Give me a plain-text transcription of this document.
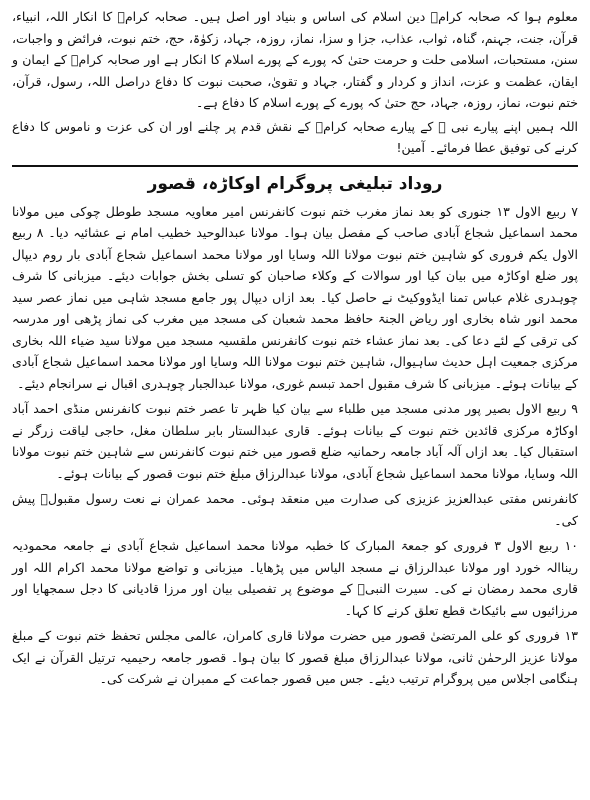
معلوم ہوا کہ صحابہ کرامؓ دین اسلام کی اساس و بنیاد اور اصل ہیں۔ صحابہ کرامؓ کا انکار اللہ، انبیاء، قرآن، جنت، جہنم، گناہ، ثواب، عذاب، جزا و سزا، نماز، روزہ، جہاد، زکوٰۃ، حج، ختم نبوت، فرائض و واجبات، سنن، مستحبات، اسلامی حلت و حرمت حتیٰ کہ پورے کے پورے اسلام کا انکار ہے اور صحابہ کرامؓ کے ایمان و ایقان، عظمت و عزت، انداز و کردار و گفتار، جہاد و تقویٰ، صحبت نبوت کا دفاع دراصل اللہ، رسول، قرآن، ختم نبوت، نماز، روزہ، جہاد، حج حتیٰ کہ پورے کے پورے اسلام کا دفاع ہے۔

اللہ ہمیں اپنے پیارے نبی ﷺ کے پیارے صحابہ کرامؓ کے نقش قدم پر چلنے اور ان کی عزت و ناموس کا دفاع کرنے کی توفیق عطا فرمائے۔ آمین!

روداد تبلیغی پروگرام اوکاڑہ، قصور

۷ ربیع الاول ۱۳ جنوری کو بعد نماز مغرب ختم نبوت کانفرنس امیر معاویہ مسجد طوطل چوکی میں مولانا محمد اسماعیل شجاع آبادی صاحب کے مفصل بیان ہوا۔ مولانا عبدالوحید خطیب امام نے عشائیہ دیا۔ ۸ ربیع الاول یکم فروری کو شاہین ختم نبوت مولانا اللہ وسایا اور مولانا محمد اسماعیل شجاع آبادی بار روم دیپال پور ضلع اوکاڑہ میں بیان کیا اور سوالات کے وکلاء صاحبان کو تسلی بخش جوابات دیئے۔ میزبانی کا شرف چوہدری غلام عباس تمنا ایڈووکیٹ نے حاصل کیا۔ بعد ازاں دیپال پور جامع مسجد شاہی میں نماز عصر سید محمد انور شاہ بخاری اور ریاض الجنۃ حافظ محمد شعبان کی مسجد میں مغرب کی نماز پڑھی اور مدرسہ کی ترقی کے لئے دعا کی۔ بعد نماز عشاء ختم نبوت کانفرنس ملقسیہ مسجد میں مولانا سید ضیاء اللہ بخاری مرکزی جمعیت اہل حدیث ساہیوال، شاہین ختم نبوت مولانا اللہ وسایا اور مولانا محمد اسماعیل شجاع آبادی کے بیانات ہوئے۔ میزبانی کا شرف مقبول احمد تبسم غوری، مولانا عبدالجبار چوہدری اقبال نے سرانجام دیئے۔

۹ ربیع الاول بصیر پور مدنی مسجد میں طلباء سے بیان کیا ظہر تا عصر ختم نبوت کانفرنس منڈی احمد آباد اوکاڑہ مرکزی قائدین ختم نبوت کے بیانات ہوئے۔ قاری عبدالستار بابر سلطان مغل، حاجی لیاقت زرگر نے استقبال کیا۔ بعد ازاں آلہ آباد جامعہ رحمانیہ ضلع قصور میں ختم نبوت کانفرنس سے شاہین ختم نبوت مولانا اللہ وسایا، مولانا محمد اسماعیل شجاع آبادی، مولانا عبدالرزاق مبلغ ختم نبوت قصور کے بیانات ہوئے۔

کانفرنس مفتی عبدالعزیز عزیزی کی صدارت میں منعقد ہوئی۔ محمد عمران نے نعت رسول مقبولؐ پیش کی۔

۱۰ ربیع الاول ۳ فروری کو جمعۃ المبارک کا خطبہ مولانا محمد اسماعیل شجاع آبادی نے جامعہ محمودیہ ریناالہ خورد اور مولانا عبدالرزاق نے مسجد الیاس میں پڑھایا۔ میزبانی و تواضع مولانا محمد اکرام اللہ اور قاری محمد رمضان نے کی۔ سیرت النبیؐ کے موضوع پر تفصیلی بیان اور مرزا قادیانی کا دجل سمجھایا اور مرزائیوں سے بائیکاٹ قطع تعلق کرنے کا کہا۔

۱۳ فروری کو علی المرتضیٰ قصور میں حضرت مولانا قاری کامران، عالمی مجلس تحفظ ختم نبوت کے مبلغ مولانا عزیز الرحمٰن ثانی، مولانا عبدالرزاق مبلغ قصور کا بیان ہوا۔ قصور جامعہ رحیمیہ ترتیل القرآن نے ایک ہنگامی اجلاس میں پروگرام ترتیب دیئے۔ جس میں قصور جماعت کے ممبران نے شرکت کی۔
